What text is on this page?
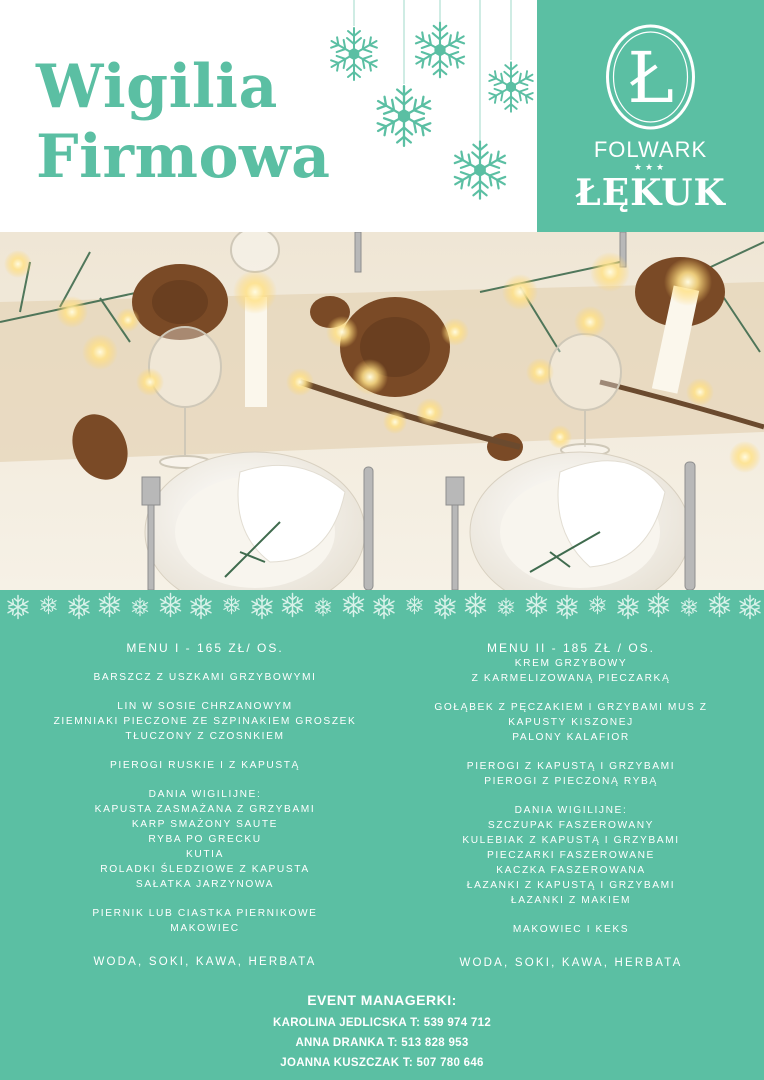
Wigilia
Firmowa
Ł
FOLWARK
★★★
ŁĘKUK
MENU I - 165 ZŁ/ OS.
BARSZCZ Z USZKAMI GRZYBOWYMI
LIN W SOSIE CHRZANOWYM
ZIEMNIAKI PIECZONE ZE SZPINAKIEM GROSZEK
TŁUCZONY Z CZOSNKIEM
PIEROGI RUSKIE I Z KAPUSTĄ
DANIA WIGILIJNE:
KAPUSTA ZASMAŻANA Z GRZYBAMI
KARP SMAŻONY SAUTE
RYBA PO GRECKU
KUTIA
ROLADKI ŚLEDZIOWE Z KAPUSTA
SAŁATKA JARZYNOWA
PIERNIK LUB CIASTKA PIERNIKOWE
MAKOWIEC
WODA, SOKI, KAWA, HERBATA
MENU II - 185 ZŁ / OS.
KREM GRZYBOWY
Z KARMELIZOWANĄ PIECZARKĄ
GOŁĄBEK Z PĘCZAKIEM I GRZYBAMI MUS Z
KAPUSTY KISZONEJ
PALONY KALAFIOR
PIEROGI Z KAPUSTĄ I GRZYBAMI
PIEROGI Z PIECZONĄ RYBĄ
DANIA WIGILIJNE:
SZCZUPAK FASZEROWANY
KULEBIAK Z KAPUSTĄ I GRZYBAMI
PIECZARKI FASZEROWANE
KACZKA FASZEROWANA
ŁAZANKI Z KAPUSTĄ I GRZYBAMI
ŁAZANKI Z MAKIEM
MAKOWIEC I KEKS
WODA, SOKI, KAWA, HERBATA
EVENT MANAGERKI:
KAROLINA JEDLICSKA T: 539 974 712
ANNA DRANKA T: 513 828 953
JOANNA KUSZCZAK T: 507 780 646
